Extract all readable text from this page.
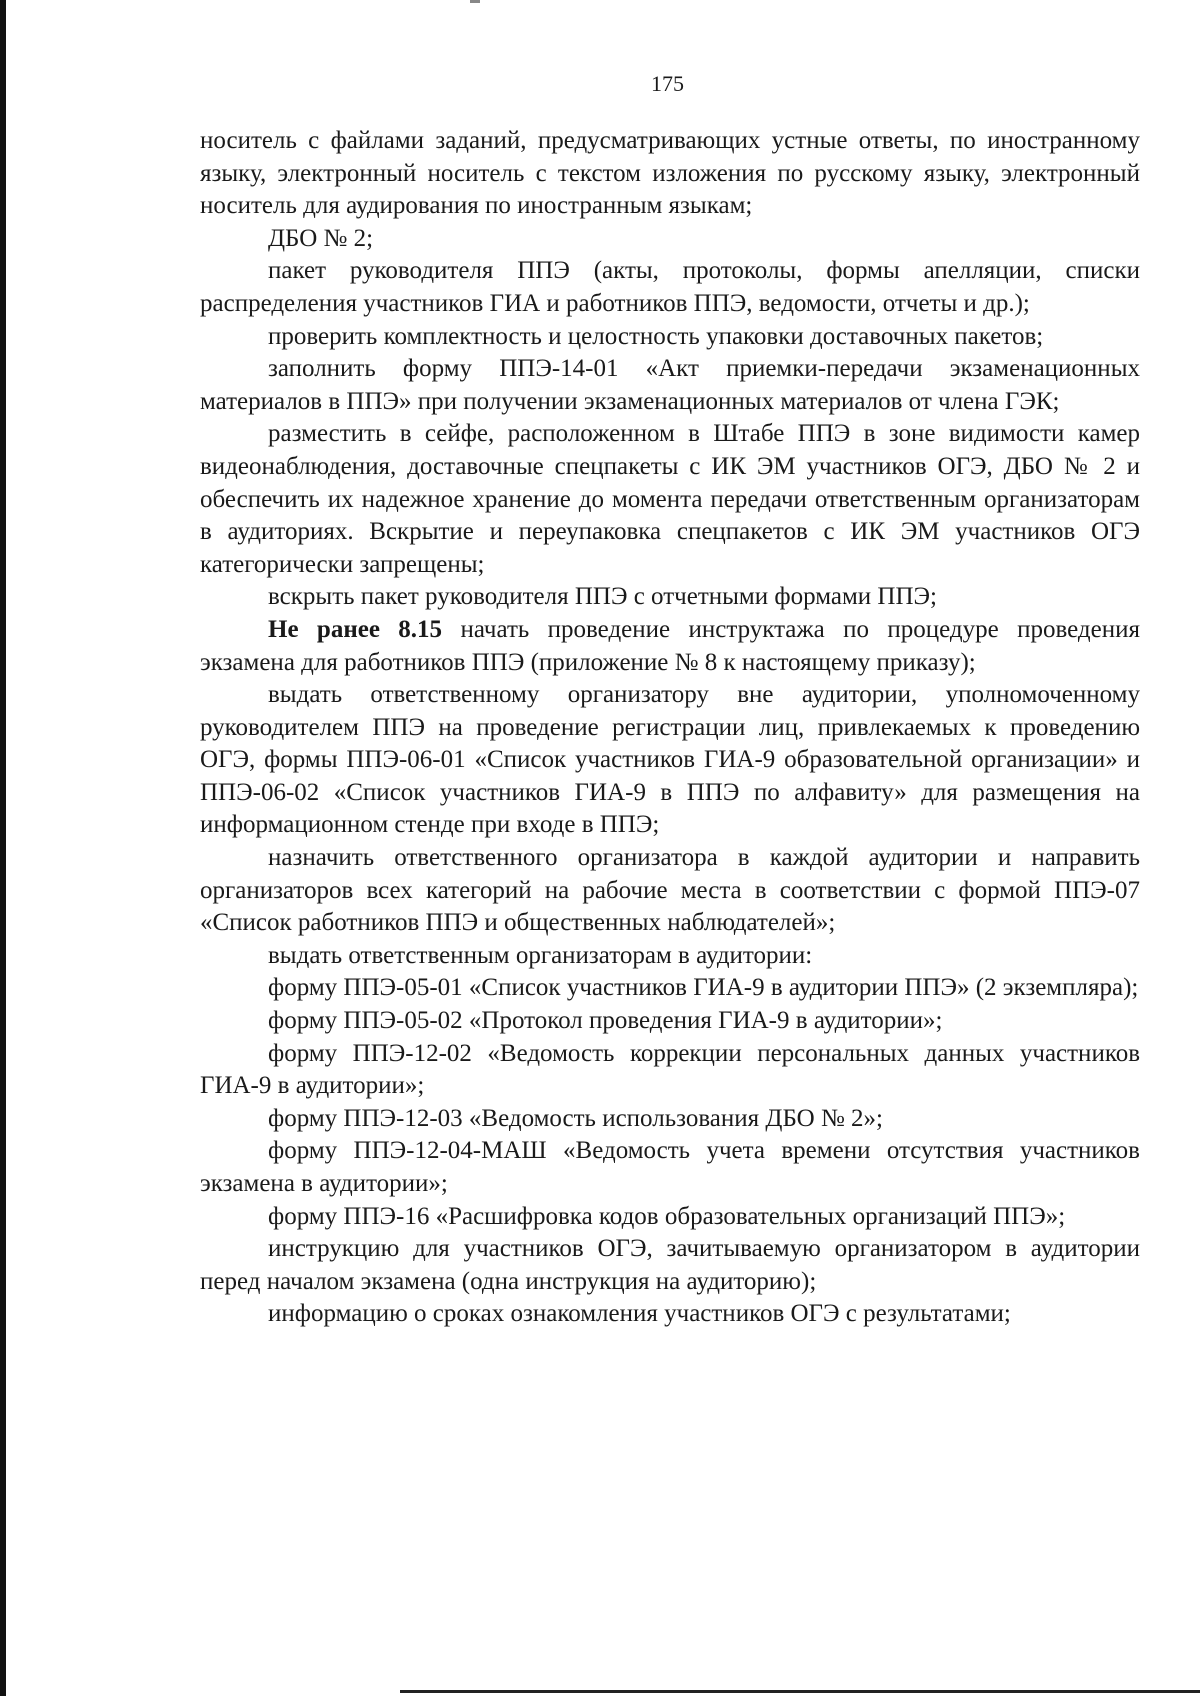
175

носитель с файлами заданий, предусматривающих устные ответы, по иностранному языку, электронный носитель с текстом изложения по русскому языку, электронный носитель для аудирования по иностранным языкам;

ДБО № 2;

пакет руководителя ППЭ (акты, протоколы, формы апелляции, списки распределения участников ГИА и работников ППЭ, ведомости, отчеты и др.);

проверить комплектность и целостность упаковки доставочных пакетов;

заполнить форму ППЭ-14-01 «Акт приемки-передачи экзаменационных материалов в ППЭ» при получении экзаменационных материалов от члена ГЭК;

разместить в сейфе, расположенном в Штабе ППЭ в зоне видимости камер видеонаблюдения, доставочные спецпакеты с ИК ЭМ участников ОГЭ, ДБО № 2 и обеспечить их надежное хранение до момента передачи ответственным организаторам в аудиториях. Вскрытие и переупаковка спецпакетов с ИК ЭМ участников ОГЭ категорически запрещены;

вскрыть пакет руководителя ППЭ с отчетными формами ППЭ;

Не ранее 8.15 начать проведение инструктажа по процедуре проведения экзамена для работников ППЭ (приложение № 8 к настоящему приказу);

выдать ответственному организатору вне аудитории, уполномоченному руководителем ППЭ на проведение регистрации лиц, привлекаемых к проведению ОГЭ, формы ППЭ-06-01 «Список участников ГИА-9 образовательной организации» и ППЭ-06-02 «Список участников ГИА-9 в ППЭ по алфавиту» для размещения на информационном стенде при входе в ППЭ;

назначить ответственного организатора в каждой аудитории и направить организаторов всех категорий на рабочие места в соответствии с формой ППЭ-07 «Список работников ППЭ и общественных наблюдателей»;

выдать ответственным организаторам в аудитории:

форму ППЭ-05-01 «Список участников ГИА-9 в аудитории ППЭ» (2 экземпляра);

форму ППЭ-05-02 «Протокол проведения ГИА-9 в аудитории»;

форму ППЭ-12-02 «Ведомость коррекции персональных данных участников ГИА-9 в аудитории»;

форму ППЭ-12-03 «Ведомость использования ДБО № 2»;

форму ППЭ-12-04-МАШ «Ведомость учета времени отсутствия участников экзамена в аудитории»;

форму ППЭ-16 «Расшифровка кодов образовательных организаций ППЭ»;

инструкцию для участников ОГЭ, зачитываемую организатором в аудитории перед началом экзамена (одна инструкция на аудиторию);

информацию о сроках ознакомления участников ОГЭ с результатами;
